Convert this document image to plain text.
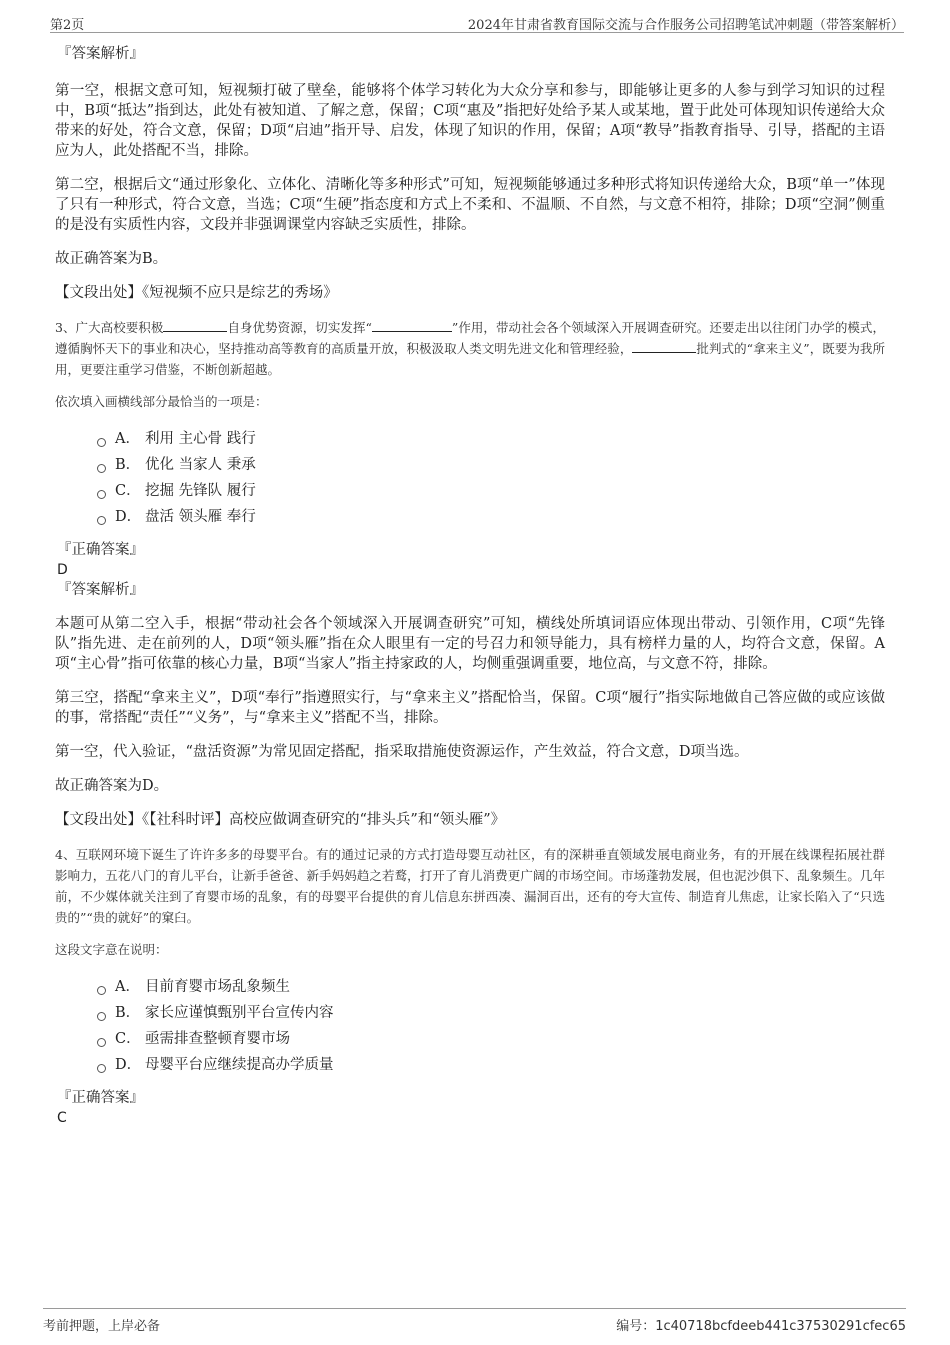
第2页	2024年甘肃省教育国际交流与合作服务公司招聘笔试冲刺题（带答案解析）
『答案解析』

第一空，根据文意可知，短视频打破了壁垒，能够将个体学习转化为大众分享和参与，即能够让更多的人参与到学习知识的过程中，B项“抵达”指到达，此处有被知道、了解之意，保留；C项“惠及”指把好处给予某人或某地，置于此处可体现知识传递给大众带来的好处，符合文意，保留；D项“启迪”指开导、启发，体现了知识的作用，保留；A项“教导”指教育指导、引导，搭配的主语应为人，此处搭配不当，排除。

第二空，根据后文“通过形象化、立体化、清晰化等多种形式”可知，短视频能够通过多种形式将知识传递给大众，B项“单一”体现了只有一种形式，符合文意，当选；C项“生硬”指态度和方式上不柔和、不温顺、不自然，与文意不相符，排除；D项“空洞”侧重的是没有实质性内容，文段并非强调课堂内容缺乏实质性，排除。

故正确答案为B。

【文段出处】《短视频不应只是综艺的秀场》

3、广大高校要积极	自身优势资源，切实发挥“	”作用，带动社会各个领域深入开展调查研究。还要走出以往闭门办学的模式，遵循胸怀天下的事业和决心，坚持推动高等教育的高质量开放，积极汲取人类文明先进文化和管理经验，	批判式的“拿来主义”，既要为我所用，更要注重学习借鉴，不断创新超越。

依次填入画横线部分最恰当的一项是：

A． 利用 主心骨 践行
B． 优化 当家人 秉承
C． 挖掘 先锋队 履行
D． 盘活 领头雁 奉行
『正确答案』
D
『答案解析』

本题可从第二空入手，根据“带动社会各个领域深入开展调查研究”可知，横线处所填词语应体现出带动、引领作用，C项“先锋队”指先进、走在前列的人，D项“领头雁”指在众人眼里有一定的号召力和领导能力，具有榜样力量的人，均符合文意，保留。A项“主心骨”指可依靠的核心力量，B项“当家人”指主持家政的人，均侧重强调重要，地位高，与文意不符，排除。

第三空，搭配“拿来主义”，D项“奉行”指遵照实行，与“拿来主义”搭配恰当，保留。C项“履行”指实际地做自己答应做的或应该做的事，常搭配“责任”“义务”，与“拿来主义”搭配不当，排除。

第一空，代入验证，“盘活资源”为常见固定搭配，指采取措施使资源运作，产生效益，符合文意，D项当选。

故正确答案为D。

【文段出处】《【社科时评】高校应做调查研究的“排头兵”和“领头雁”》

4、互联网环境下诞生了许许多多的母婴平台。有的通过记录的方式打造母婴互动社区，有的深耕垂直领域发展电商业务，有的开展在线课程拓展社群影响力，五花八门的育儿平台，让新手爸爸、新手妈妈趋之若鹜，打开了育儿消费更广阔的市场空间。市场蓬勃发展，但也泥沙俱下、乱象频生。几年前，不少媒体就关注到了育婴市场的乱象，有的母婴平台提供的育儿信息东拼西凑、漏洞百出，还有的夸大宣传、制造育儿焦虑，让家长陷入了“只选贵的”“贵的就好”的窠臼。

这段文字意在说明：

A． 目前育婴市场乱象频生
B． 家长应谨慎甄别平台宣传内容
C． 亟需排查整顿育婴市场
D． 母婴平台应继续提高办学质量
『正确答案』
C
考前押题，上岸必备	编号：1c40718bcfdeeb441c37530291cfec65
